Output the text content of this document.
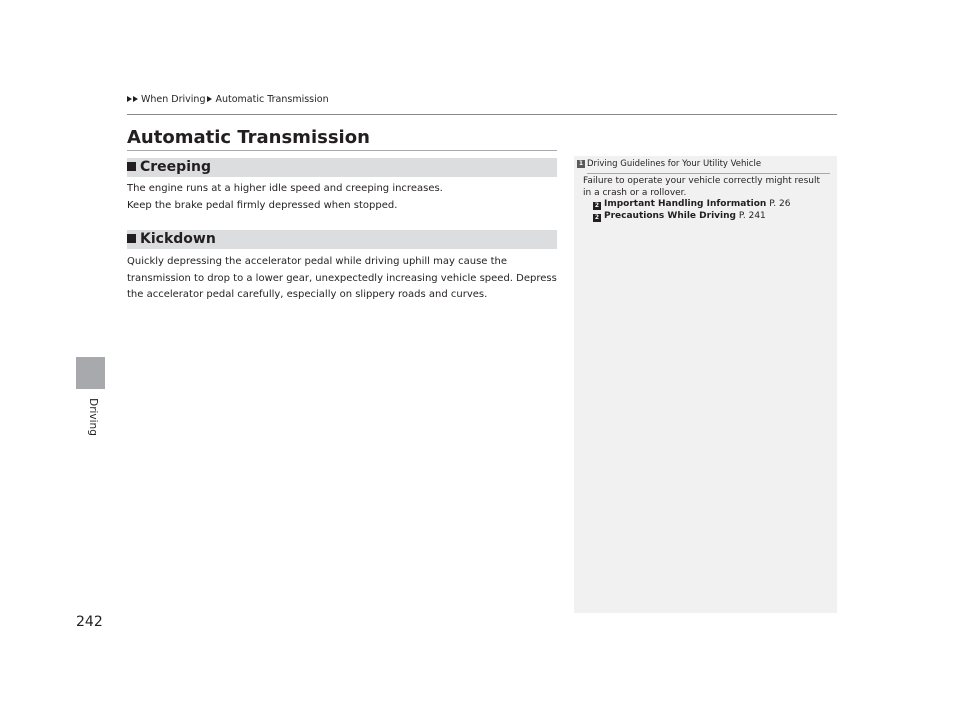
When Driving Automatic Transmission
Driving
242
Automatic Transmission
Creeping

The engine runs at a higher idle speed and creeping increases.

Keep the brake pedal firmly depressed when stopped.

Kickdown

Quickly depressing the accelerator pedal while driving uphill may cause the

transmission to drop to a lower gear, unexpectedly increasing vehicle speed. Depress

the accelerator pedal carefully, especially on slippery roads and curves.

1 Driving Guidelines for Your Utility Vehicle

Failure to operate your vehicle correctly might result

in a crash or a rollover.

2 Important Handling Information P. 26

2 Precautions While Driving P. 241
